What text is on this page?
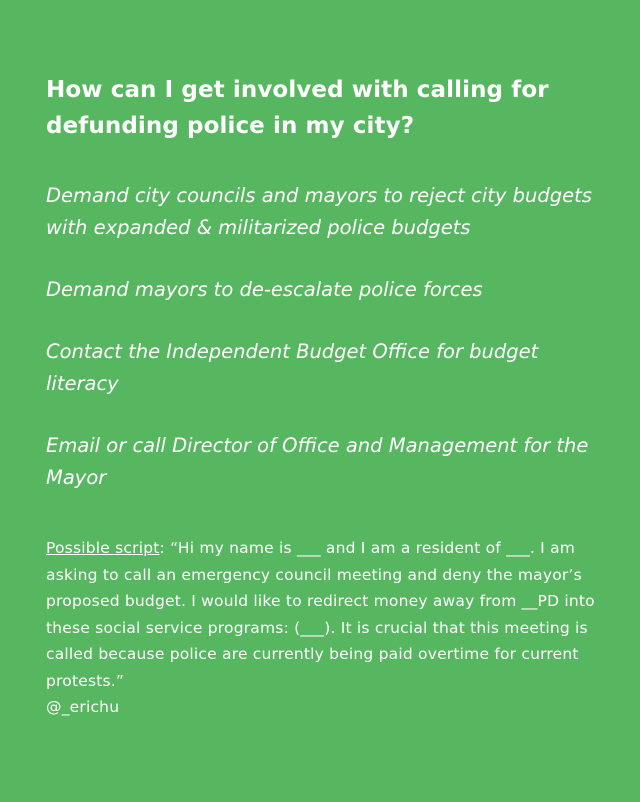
How can I get involved with calling for defunding police in my city?
Demand city councils and mayors to reject city budgets with expanded & militarized police budgets
Demand mayors to de-escalate police forces
Contact the Independent Budget Office for budget literacy
Email or call Director of Office and Management for the Mayor
Possible script: “Hi my name is ___ and I am a resident of ___. I am asking to call an emergency council meeting and deny the mayor’s proposed budget. I would like to redirect money away from __PD into these social service programs: (___). It is crucial that this meeting is called because police are currently being paid overtime for current protests.”
@_erichu
